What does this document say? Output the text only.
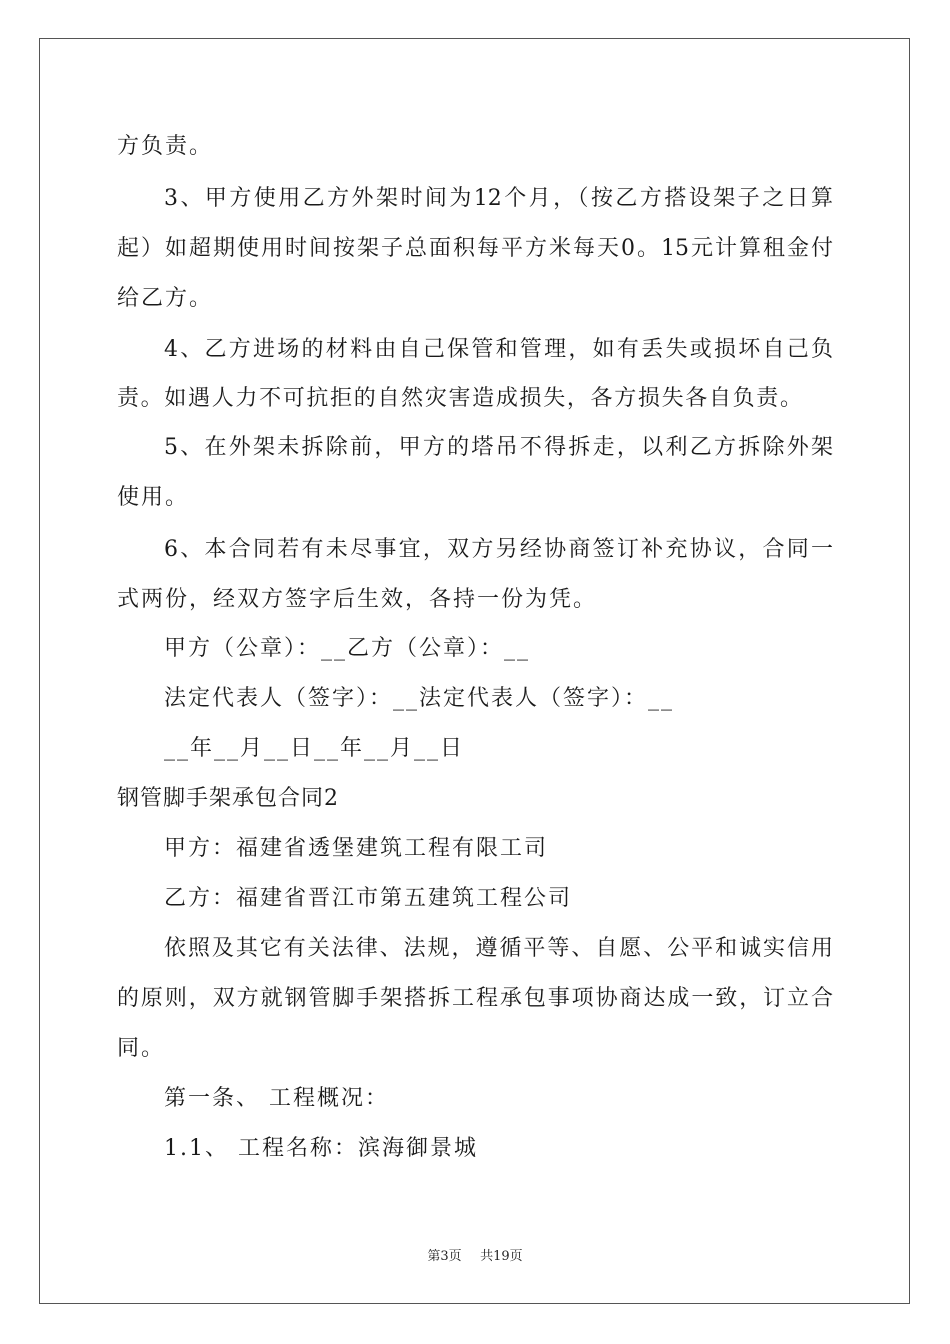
方负责。
3、甲方使用乙方外架时间为12个月，（按乙方搭设架子之日算
起）如超期使用时间按架子总面积每平方米每天0。15元计算租金付
给乙方。
4、乙方进场的材料由自己保管和管理，如有丢失或损坏自己负
责。如遇人力不可抗拒的自然灾害造成损失，各方损失各自负责。
5、在外架未拆除前，甲方的塔吊不得拆走，以利乙方拆除外架
使用。
6、本合同若有未尽事宜，双方另经协商签订补充协议，合同一
式两份，经双方签字后生效，各持一份为凭。
甲方（公章）：__乙方（公章）：__
法定代表人（签字）：__法定代表人（签字）：__
__年__月__日__年__月__日
钢管脚手架承包合同2
甲方：福建省透堡建筑工程有限工司
乙方：福建省晋江市第五建筑工程公司
依照及其它有关法律、法规，遵循平等、自愿、公平和诚实信用
的原则，双方就钢管脚手架搭拆工程承包事项协商达成一致，订立合
同。
第一条、 工程概况：
1.1、 工程名称：滨海御景城
第3页 共19页
